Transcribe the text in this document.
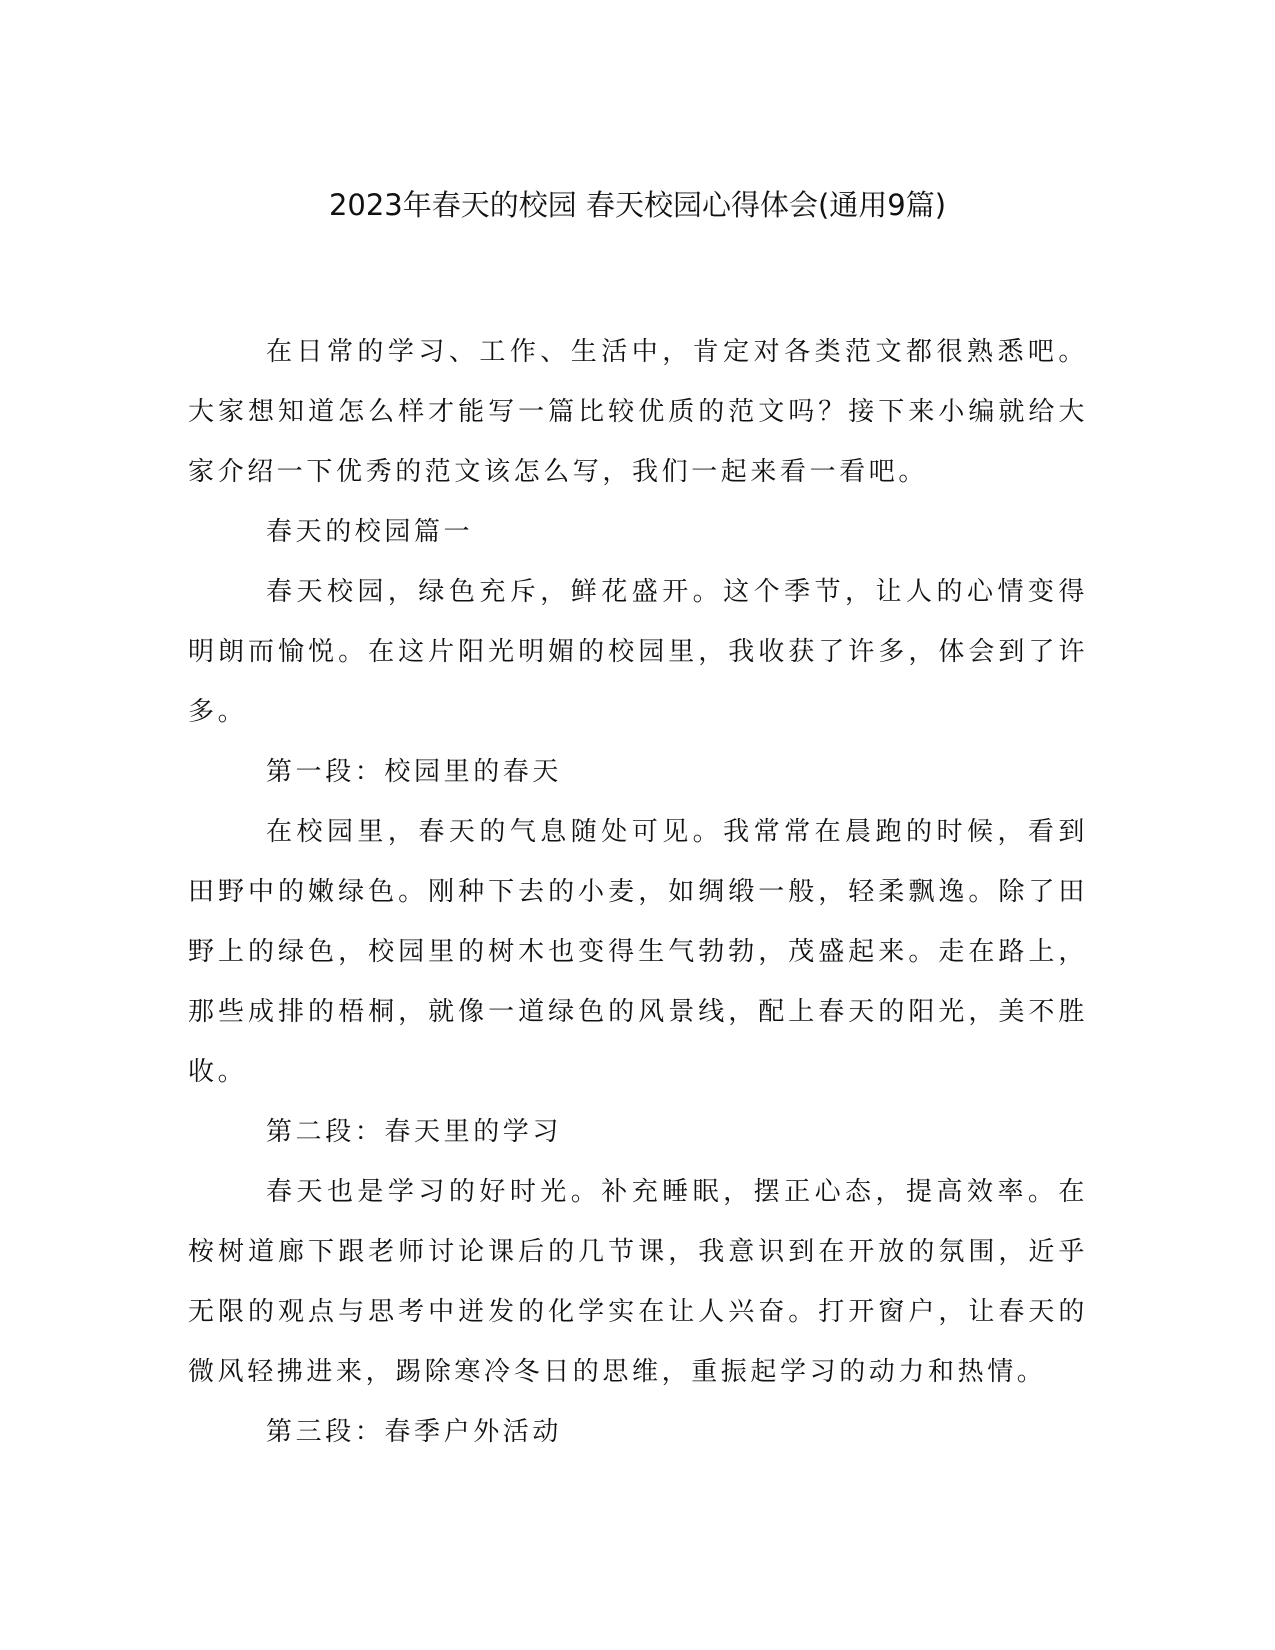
2023年春天的校园 春天校园心得体会(通用9篇)

在日常的学习、工作、生活中，肯定对各类范文都很熟悉吧。大家想知道怎么样才能写一篇比较优质的范文吗？接下来小编就给大家介绍一下优秀的范文该怎么写，我们一起来看一看吧。

春天的校园篇一

春天校园，绿色充斥，鲜花盛开。这个季节，让人的心情变得明朗而愉悦。在这片阳光明媚的校园里，我收获了许多，体会到了许多。

第一段：校园里的春天

在校园里，春天的气息随处可见。我常常在晨跑的时候，看到田野中的嫩绿色。刚种下去的小麦，如绸缎一般，轻柔飘逸。除了田野上的绿色，校园里的树木也变得生气勃勃，茂盛起来。走在路上，那些成排的梧桐，就像一道绿色的风景线，配上春天的阳光，美不胜收。

第二段：春天里的学习

春天也是学习的好时光。补充睡眠，摆正心态，提高效率。在桉树道廊下跟老师讨论课后的几节课，我意识到在开放的氛围，近乎无限的观点与思考中迸发的化学实在让人兴奋。打开窗户，让春天的微风轻拂进来，踢除寒冷冬日的思维，重振起学习的动力和热情。

第三段：春季户外活动
